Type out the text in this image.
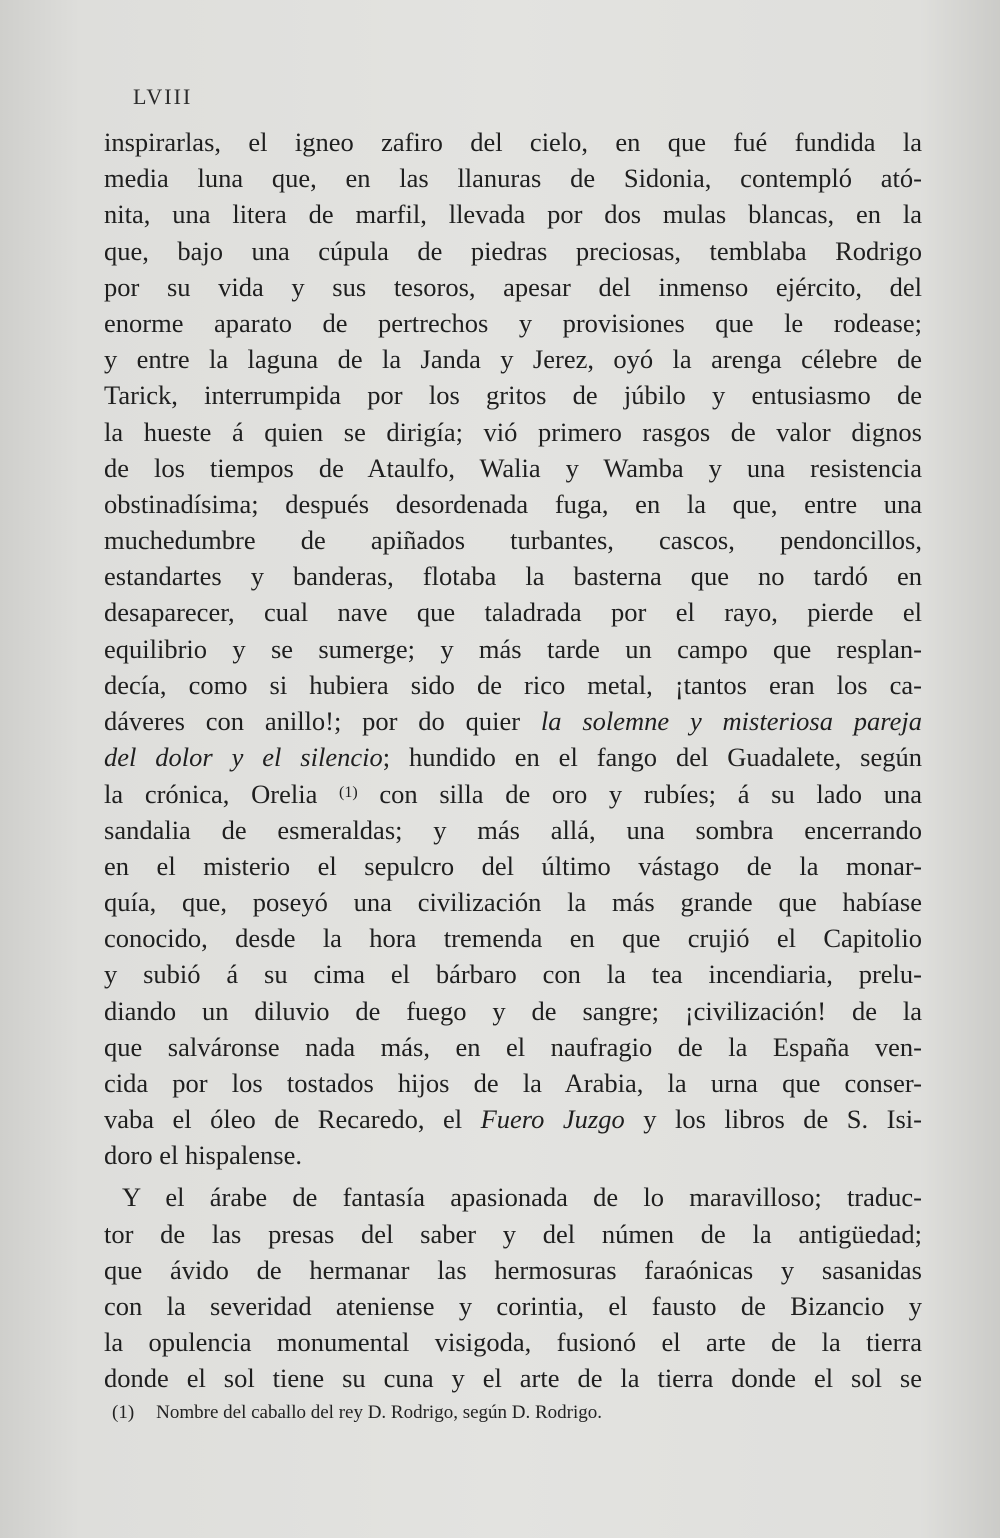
LVIII
inspirarlas, el igneo zafiro del cielo, en que fué fundida la
media luna que, en las llanuras de Sidonia, contempló ató-
nita, una litera de marfil, llevada por dos mulas blancas, en la
que, bajo una cúpula de piedras preciosas, temblaba Rodrigo
por su vida y sus tesoros, apesar del inmenso ejército, del
enorme aparato de pertrechos y provisiones que le rodease;
y entre la laguna de la Janda y Jerez, oyó la arenga célebre de
Tarick, interrumpida por los gritos de júbilo y entusiasmo de
la hueste á quien se dirigía; vió primero rasgos de valor dignos
de los tiempos de Ataulfo, Walia y Wamba y una resistencia
obstinadísima; después desordenada fuga, en la que, entre una
muchedumbre de apiñados turbantes, cascos, pendoncillos,
estandartes y banderas, flotaba la basterna que no tardó en
desaparecer, cual nave que taladrada por el rayo, pierde el
equilibrio y se sumerge; y más tarde un campo que resplan-
decía, como si hubiera sido de rico metal, ¡tantos eran los ca-
dáveres con anillo!; por do quier la solemne y misteriosa pareja
del dolor y el silencio; hundido en el fango del Guadalete, según
la crónica, Orelia $^{(1)}$ con silla de oro y rubíes; á su lado una
sandalia de esmeraldas; y más allá, una sombra encerrando
en el misterio el sepulcro del último vástago de la monar-
quía, que, poseyó una civilización la más grande que habíase
conocido, desde la hora tremenda en que crujió el Capitolio
y subió á su cima el bárbaro con la tea incendiaria, prelu-
diando un diluvio de fuego y de sangre; ¡civilización! de la
que salváronse nada más, en el naufragio de la España ven-
cida por los tostados hijos de la Arabia, la urna que conser-
vaba el óleo de Recaredo, el Fuero Juzgo y los libros de S. Isi-
doro el hispalense.
Y el árabe de fantasía apasionada de lo maravilloso; traduc-
tor de las presas del saber y del númen de la antigüedad;
que ávido de hermanar las hermosuras faraónicas y sasanidas
con la severidad ateniense y corintia, el fausto de Bizancio y
la opulencia monumental visigoda, fusionó el arte de la tierra
donde el sol tiene su cuna y el arte de la tierra donde el sol se
(1) Nombre del caballo del rey D. Rodrigo, según D. Rodrigo.
